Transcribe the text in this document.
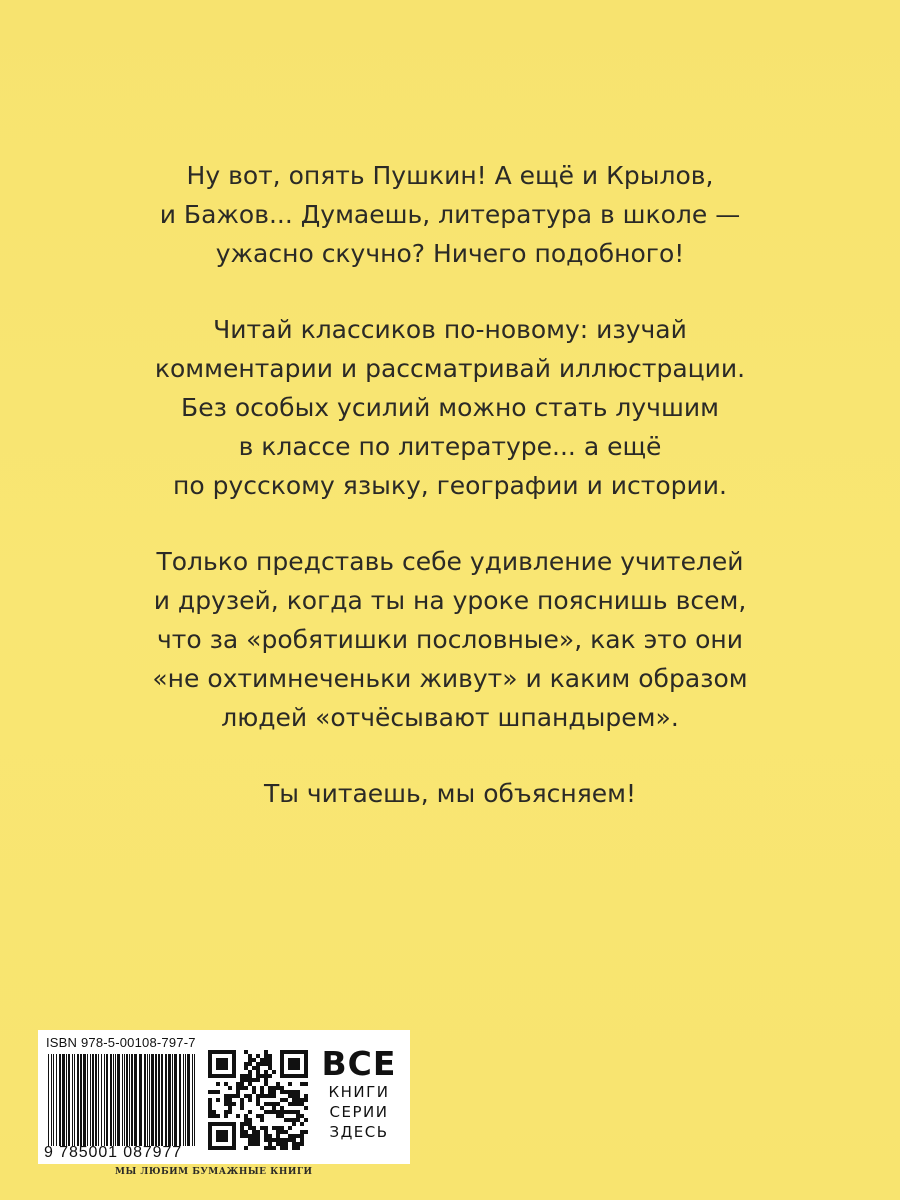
Ну вот, опять Пушкин! А ещё и Крылов,
и Бажов... Думаешь, литература в школе —
ужасно скучно? Ничего подобного!

Читай классиков по-новому: изучай
комментарии и рассматривай иллюстрации.
Без особых усилий можно стать лучшим
в классе по литературе... а ещё
по русскому языку, географии и истории.

Только представь себе удивление учителей
и друзей, когда ты на уроке пояснишь всем,
что за «робятишки пословные», как это они
«не охтимнеченьки живут» и каким образом
людей «отчёсывают шпандырем».

Ты читаешь, мы объясняем!

ISBN 978-5-00108-797-7
9 785001 087977
ВСЕ
КНИГИ
СЕРИИ
ЗДЕСЬ
МЫ ЛЮБИМ БУМАЖНЫЕ КНИГИ
